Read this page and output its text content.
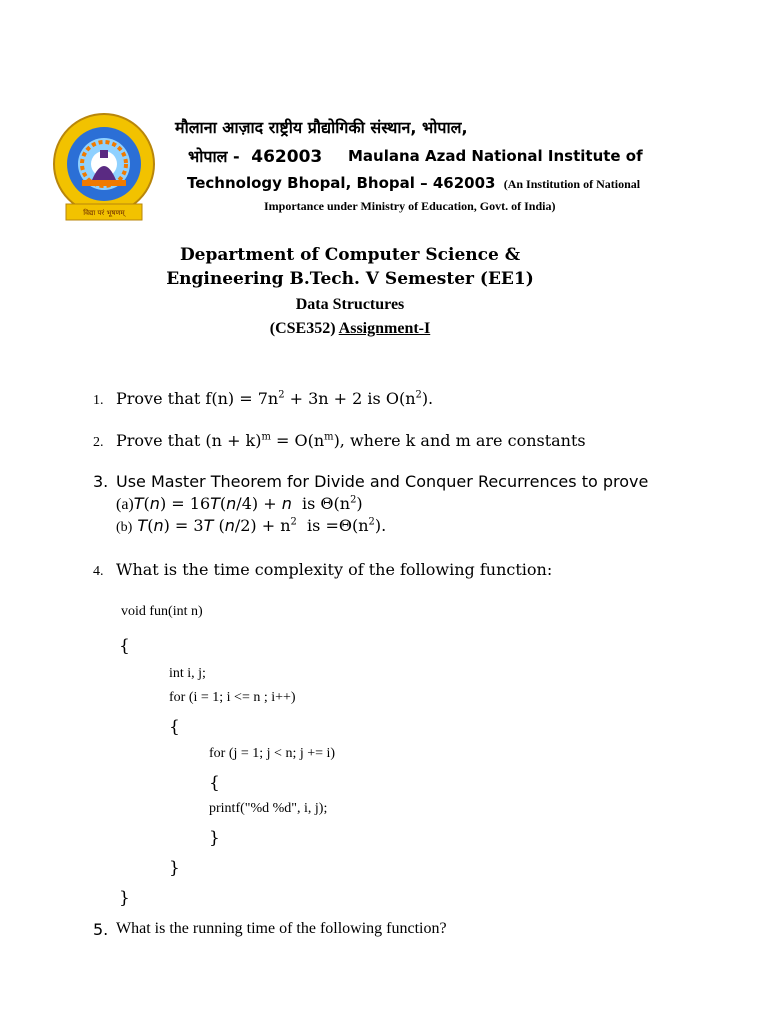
विद्या परं भूषणम्
मौलाना आज़ाद राष्ट्रीय प्रौद्योगिकी संस्थान, भोपाल,
भोपाल - 462003 Maulana Azad National Institute of
Technology Bhopal, Bhopal – 462003 (An Institution of National
Importance under Ministry of Education, Govt. of India)
Department of Computer Science &
Engineering B.Tech. V Semester (EE1)
Data Structures
(CSE352) Assignment-I
1. Prove that $f(n) = 7n^2 + 3n + 2$ is $O(n^2)$.
2. Prove that $(n + k)^m = O(n^m)$, where k and m are constants
3. Use Master Theorem for Divide and Conquer Recurrences to prove
(a)T(n) = 16T(n/4) + n  is $\Theta(n^2)$
(b) T(n) = 3T $(n/2) + n^2$  is $=\Theta(n^2)$.
4. What is the time complexity of the following function:
void fun(int n)
{
int i, j;
for (i = 1; i <= n ; i++)
{
for (j = 1; j < n; j += i)
{
printf("%d %d", i, j);
}
}
}
5. What is the running time of the following function?
